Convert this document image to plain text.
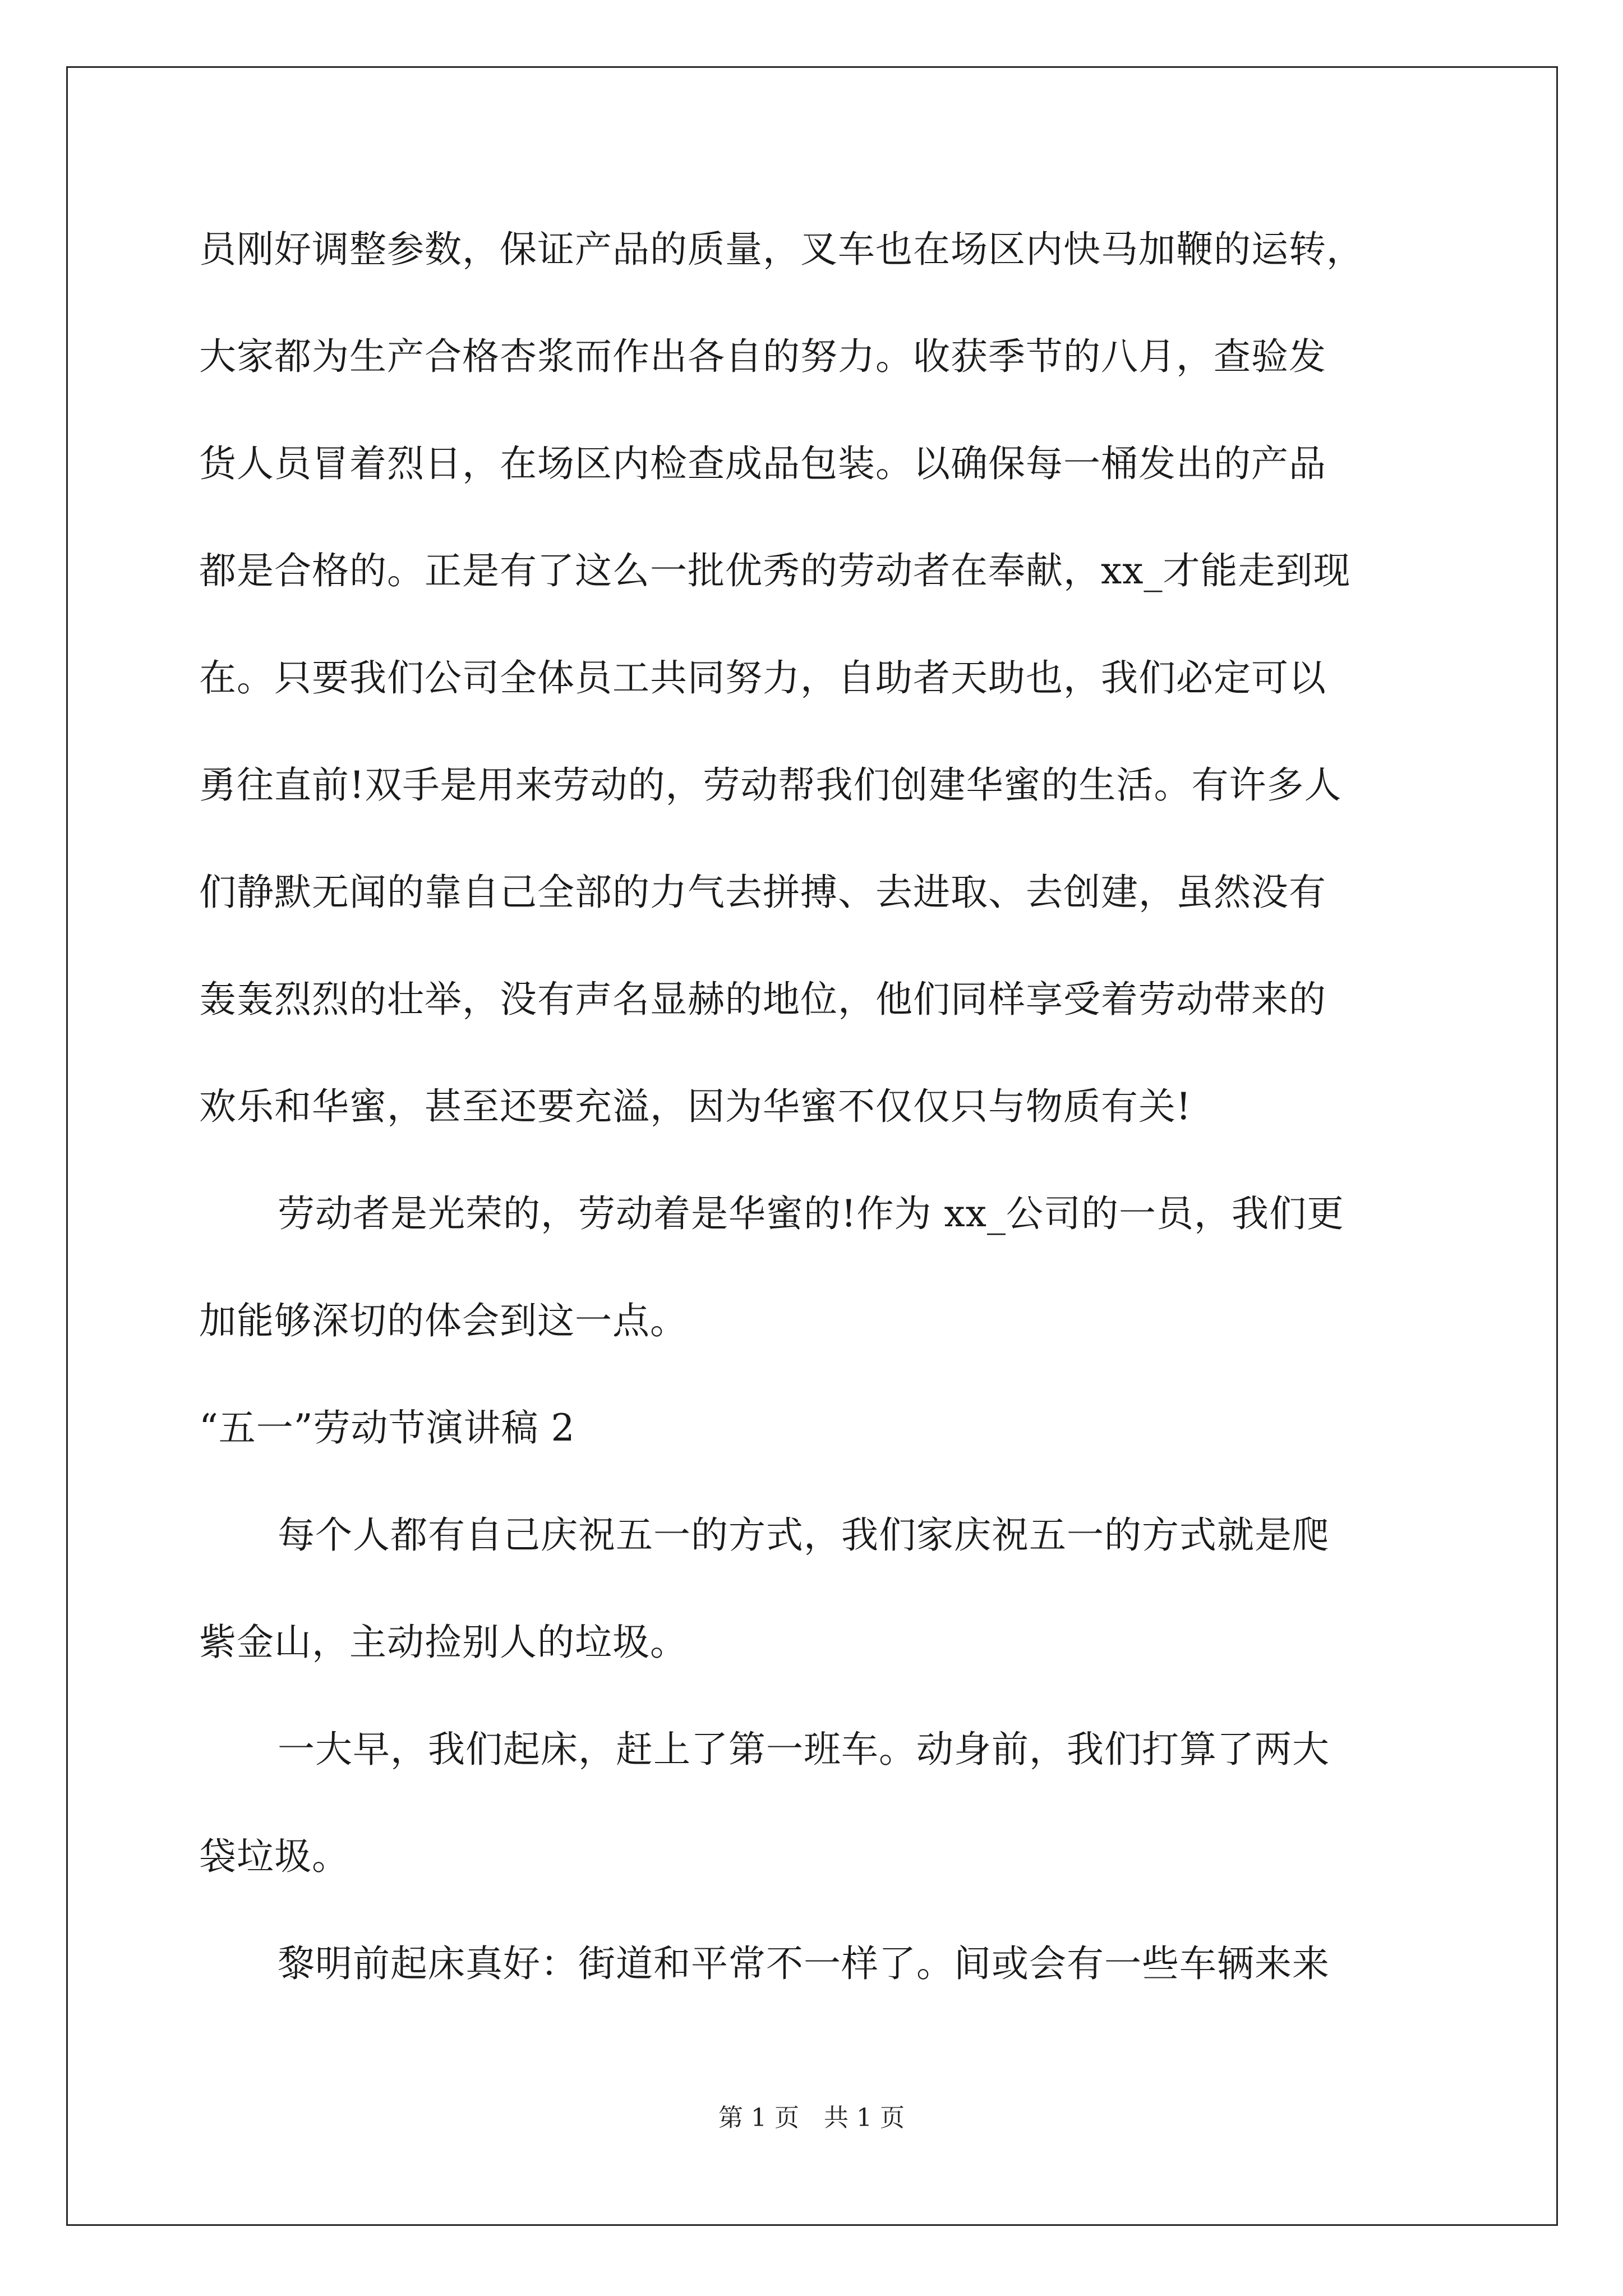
员刚好调整参数，保证产品的质量，叉车也在场区内快马加鞭的运转，
大家都为生产合格杏浆而作出各自的努力。收获季节的八月，查验发
货人员冒着烈日，在场区内检查成品包装。以确保每一桶发出的产品
都是合格的。正是有了这么一批优秀的劳动者在奉献，xx_才能走到现
在。只要我们公司全体员工共同努力，自助者天助也，我们必定可以
勇往直前!双手是用来劳动的，劳动帮我们创建华蜜的生活。有许多人
们静默无闻的靠自己全部的力气去拼搏、去进取、去创建，虽然没有
轰轰烈烈的壮举，没有声名显赫的地位，他们同样享受着劳动带来的
欢乐和华蜜，甚至还要充溢，因为华蜜不仅仅只与物质有关!
劳动者是光荣的，劳动着是华蜜的!作为 xx_公司的一员，我们更
加能够深切的体会到这一点。
“五一”劳动节演讲稿 2
每个人都有自己庆祝五一的方式，我们家庆祝五一的方式就是爬
紫金山，主动捡别人的垃圾。
一大早，我们起床，赶上了第一班车。动身前，我们打算了两大
袋垃圾。
黎明前起床真好：街道和平常不一样了。间或会有一些车辆来来
第 1 页　共 1 页
